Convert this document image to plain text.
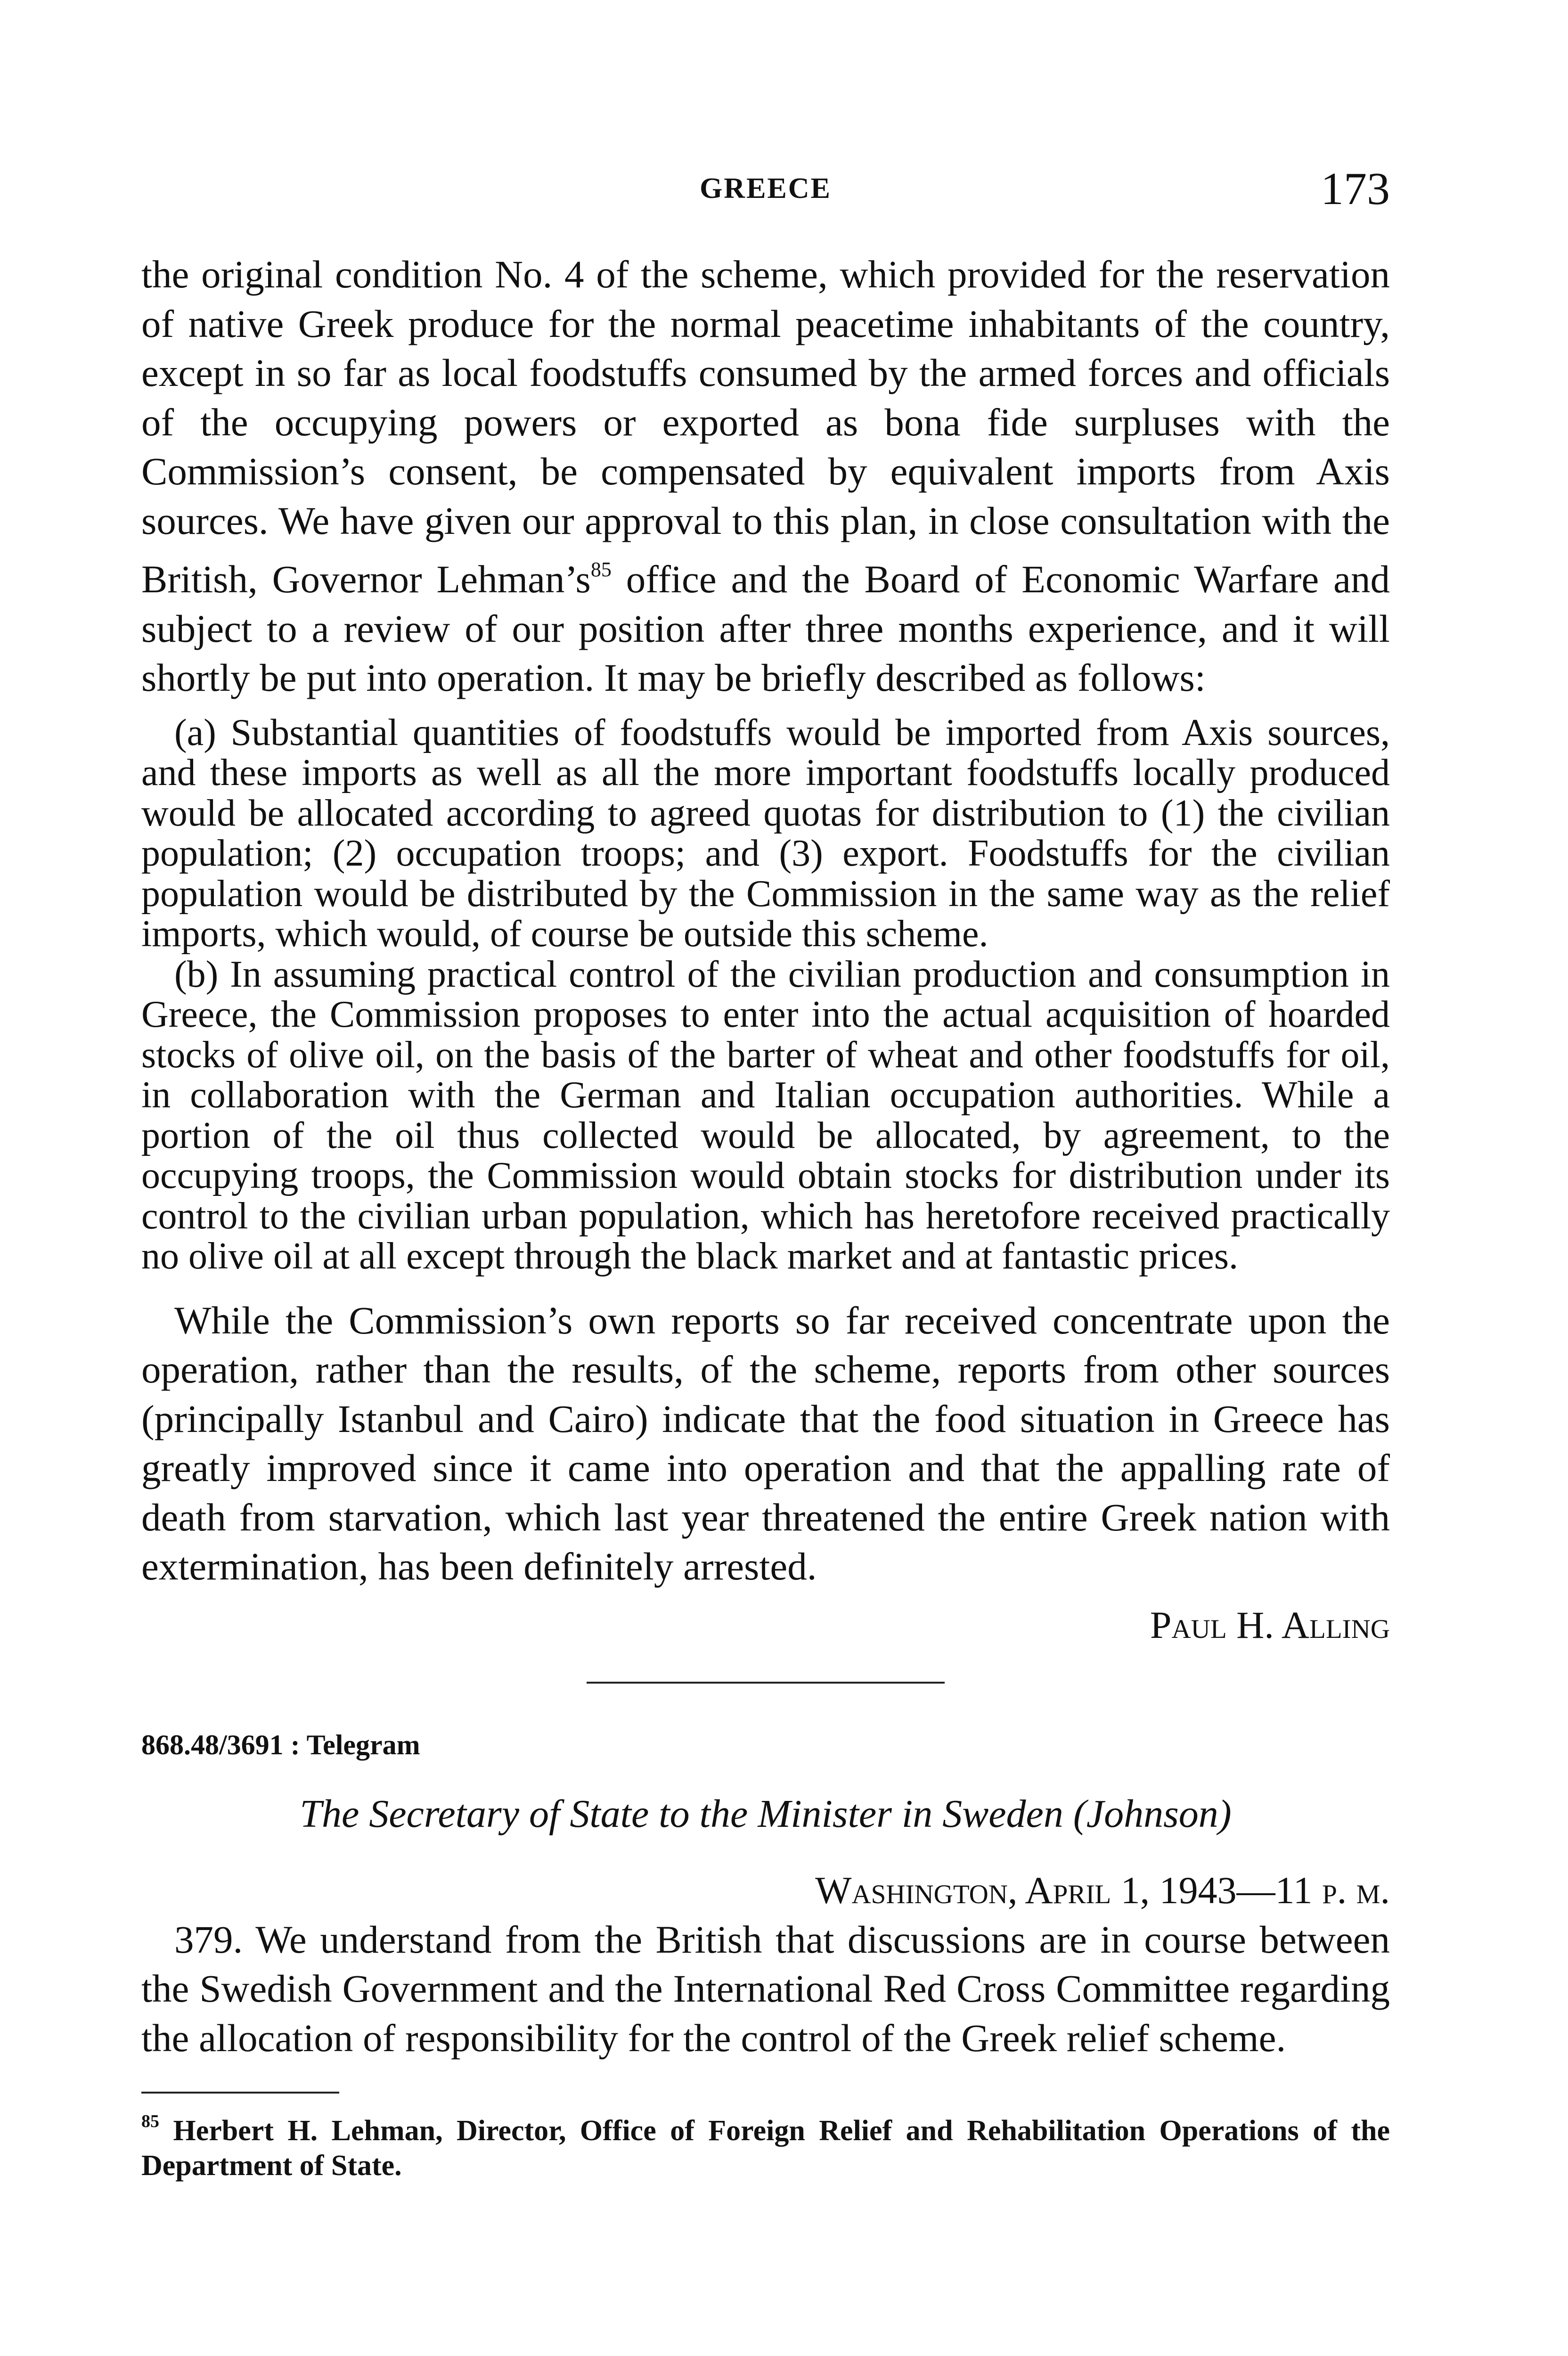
GREECE	173

the original condition No. 4 of the scheme, which provided for the reservation of native Greek produce for the normal peacetime inhabitants of the country, except in so far as local foodstuffs consumed by the armed forces and officials of the occupying powers or exported as bona fide surpluses with the Commission’s consent, be compensated by equivalent imports from Axis sources. We have given our approval to this plan, in close consultation with the British, Governor $Lehman’s^{85}$ office and the Board of Economic Warfare and subject to a review of our position after three months experience, and it will shortly be put into operation. It may be briefly described as follows:

(a) Substantial quantities of foodstuffs would be imported from Axis sources, and these imports as well as all the more important foodstuffs locally produced would be allocated according to agreed quotas for distribution to (1) the civilian population; (2) occupation troops; and (3) export. Foodstuffs for the civilian population would be distributed by the Commission in the same way as the relief imports, which would, of course be outside this scheme.

(b) In assuming practical control of the civilian production and consumption in Greece, the Commission proposes to enter into the actual acquisition of hoarded stocks of olive oil, on the basis of the barter of wheat and other foodstuffs for oil, in collaboration with the German and Italian occupation authorities. While a portion of the oil thus collected would be allocated, by agreement, to the occupying troops, the Commission would obtain stocks for distribution under its control to the civilian urban population, which has heretofore received practically no olive oil at all except through the black market and at fantastic prices.

While the Commission’s own reports so far received concentrate upon the operation, rather than the results, of the scheme, reports from other sources (principally Istanbul and Cairo) indicate that the food situation in Greece has greatly improved since it came into operation and that the appalling rate of death from starvation, which last year threatened the entire Greek nation with extermination, has been definitely arrested.

Paul H. Alling

868.48/3691 : Telegram
The Secretary of State to the Minister in Sweden (Johnson)
Washington, April 1, 1943—11 p. m.

379. We understand from the British that discussions are in course between the Swedish Government and the International Red Cross Committee regarding the allocation of responsibility for the control of the Greek relief scheme.

$^{85}$ Herbert H. Lehman, Director, Office of Foreign Relief and Rehabilitation Operations of the Department of State.
